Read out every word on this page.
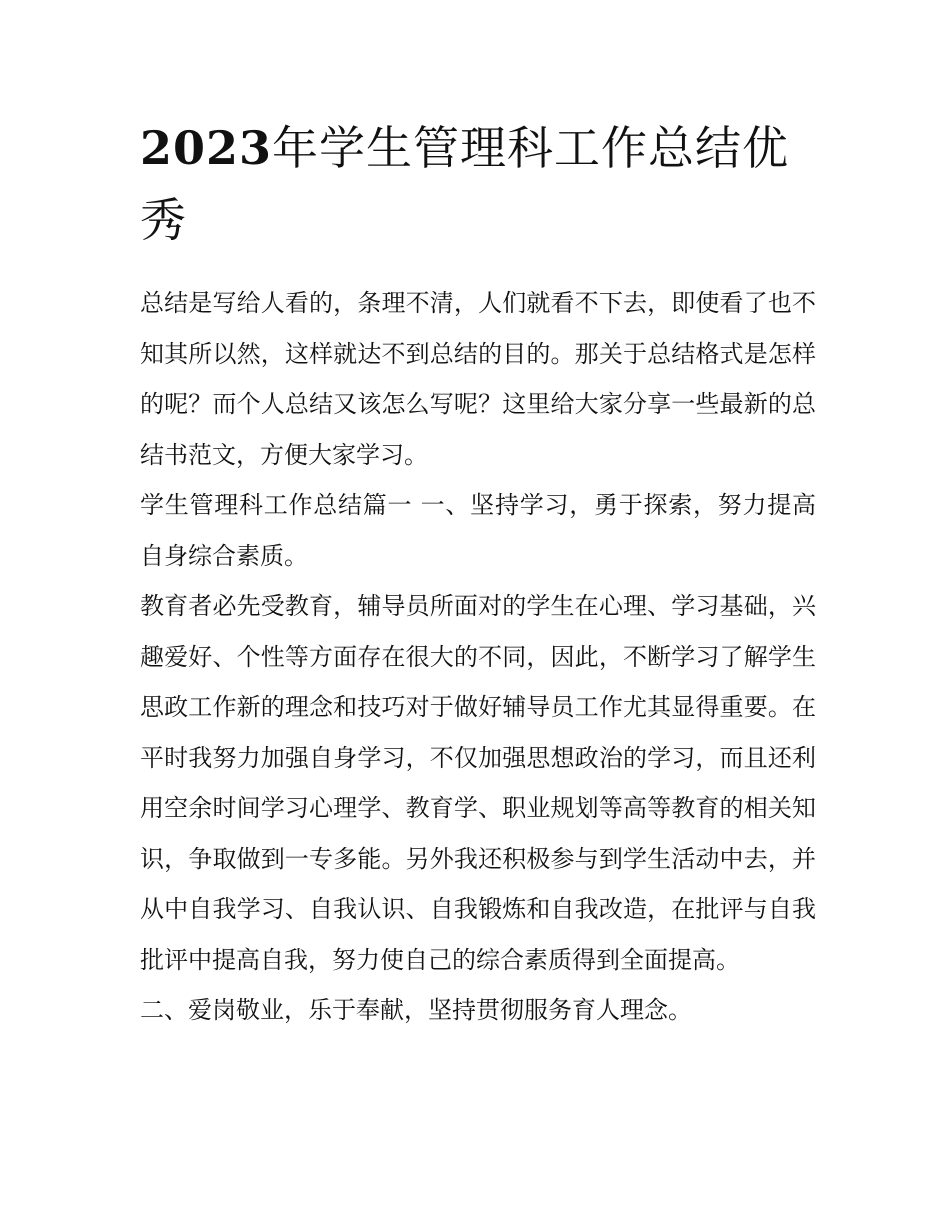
2023年学生管理科工作总结优秀

总结是写给人看的，条理不清，人们就看不下去，即使看了也不知其所以然，这样就达不到总结的目的。那关于总结格式是怎样的呢？而个人总结又该怎么写呢？这里给大家分享一些最新的总结书范文，方便大家学习。

学生管理科工作总结篇一 一、坚持学习，勇于探索，努力提高自身综合素质。

教育者必先受教育，辅导员所面对的学生在心理、学习基础，兴趣爱好、个性等方面存在很大的不同，因此，不断学习了解学生思政工作新的理念和技巧对于做好辅导员工作尤其显得重要。在平时我努力加强自身学习，不仅加强思想政治的学习，而且还利用空余时间学习心理学、教育学、职业规划等高等教育的相关知识，争取做到一专多能。另外我还积极参与到学生活动中去，并从中自我学习、自我认识、自我锻炼和自我改造，在批评与自我批评中提高自我，努力使自己的综合素质得到全面提高。

二、爱岗敬业，乐于奉献，坚持贯彻服务育人理念。
